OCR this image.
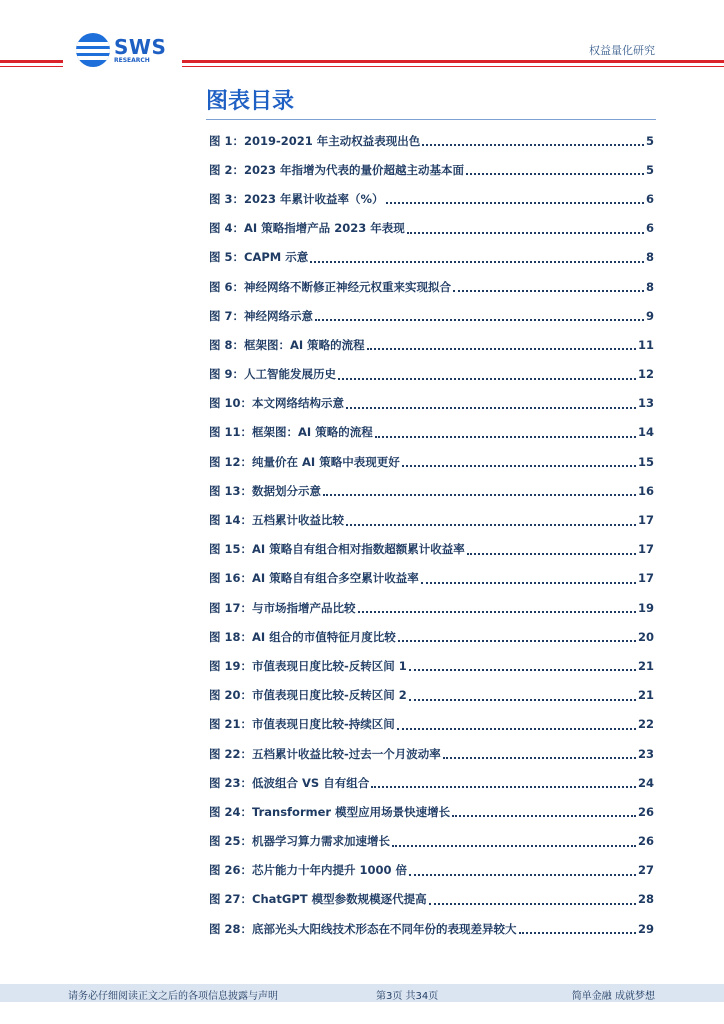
SWS
RESEARCH
权益量化研究
图表目录
图 1：2019-2021 年主动权益表现出色	5
图 2：2023 年指增为代表的量价超越主动基本面	5
图 3：2023 年累计收益率（%）	6
图 4：AI 策略指增产品 2023 年表现	6
图 5：CAPM 示意	8
图 6：神经网络不断修正神经元权重来实现拟合	8
图 7：神经网络示意	9
图 8：框架图：AI 策略的流程	11
图 9：人工智能发展历史	12
图 10：本文网络结构示意	13
图 11：框架图：AI 策略的流程	14
图 12：纯量价在 AI 策略中表现更好	15
图 13：数据划分示意	16
图 14：五档累计收益比较	17
图 15：AI 策略自有组合相对指数超额累计收益率	17
图 16：AI 策略自有组合多空累计收益率	17
图 17：与市场指增产品比较	19
图 18：AI 组合的市值特征月度比较	20
图 19：市值表现日度比较-反转区间 1	21
图 20：市值表现日度比较-反转区间 2	21
图 21：市值表现日度比较-持续区间	22
图 22：五档累计收益比较-过去一个月波动率	23
图 23：低波组合 VS 自有组合	24
图 24：Transformer 模型应用场景快速增长	26
图 25：机器学习算力需求加速增长	26
图 26：芯片能力十年内提升 1000 倍	27
图 27：ChatGPT 模型参数规模逐代提高	28
图 28：底部光头大阳线技术形态在不同年份的表现差异较大	29
请务必仔细阅读正文之后的各项信息披露与声明	第3页 共34页	简单金融 成就梦想
